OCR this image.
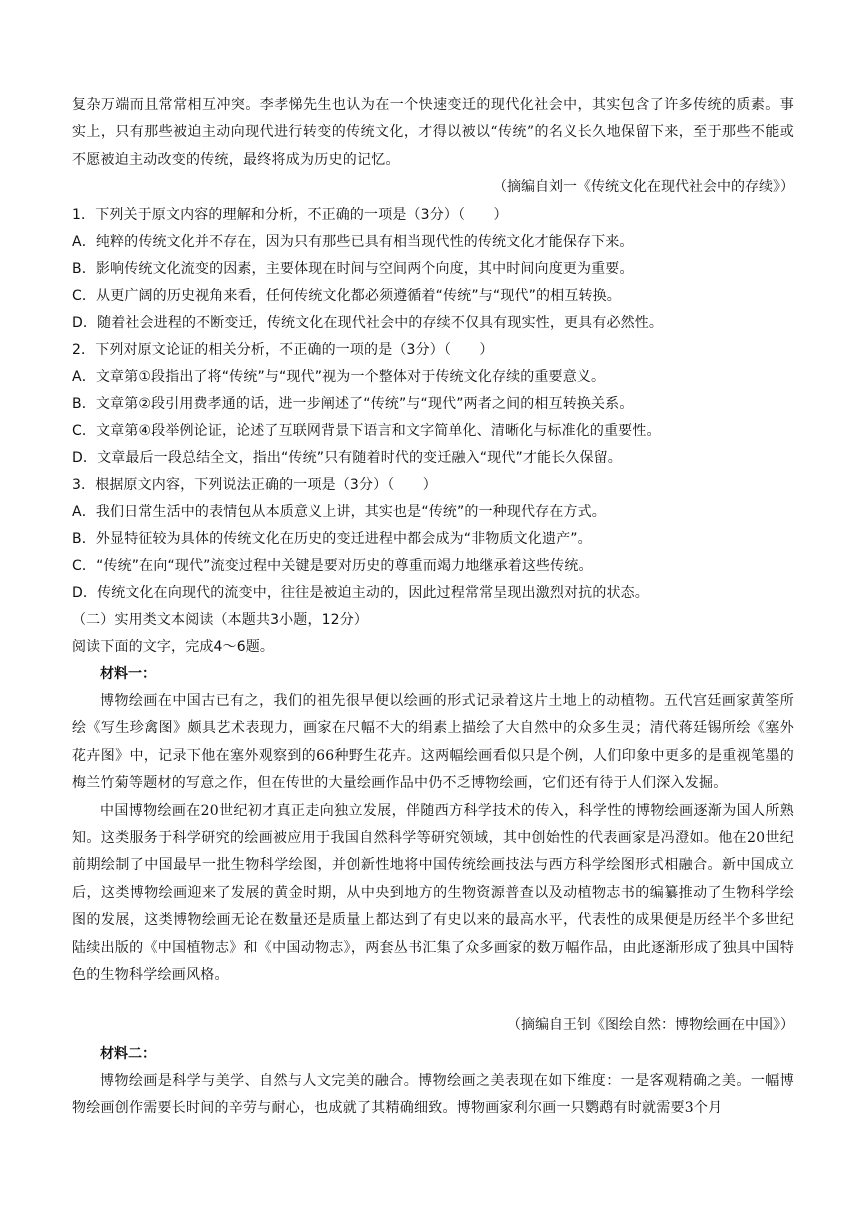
复杂万端而且常常相互冲突。李孝悌先生也认为在一个快速变迁的现代化社会中，其实包含了许多传统的质素。事实上，只有那些被迫主动向现代进行转变的传统文化，才得以被以“传统”的名义长久地保留下来，至于那些不能或不愿被迫主动改变的传统，最终将成为历史的记忆。

（摘编自刘一《传统文化在现代社会中的存续》）

1．下列关于原文内容的理解和分析，不正确的一项是（3分）（　　）

A．纯粹的传统文化并不存在，因为只有那些已具有相当现代性的传统文化才能保存下来。

B．影响传统文化流变的因素，主要体现在时间与空间两个向度，其中时间向度更为重要。

C．从更广阔的历史视角来看，任何传统文化都必须遵循着“传统”与“现代”的相互转换。

D．随着社会进程的不断变迁，传统文化在现代社会中的存续不仅具有现实性，更具有必然性。

2．下列对原文论证的相关分析，不正确的一项的是（3分）（　　）

A．文章第①段指出了将“传统”与“现代”视为一个整体对于传统文化存续的重要意义。

B．文章第②段引用费孝通的话，进一步阐述了“传统”与“现代”两者之间的相互转换关系。

C．文章第④段举例论证，论述了互联网背景下语言和文字简单化、清晰化与标准化的重要性。

D．文章最后一段总结全文，指出“传统”只有随着时代的变迁融入“现代”才能长久保留。

3．根据原文内容，下列说法正确的一项是（3分）（　　）

A．我们日常生活中的表情包从本质意义上讲，其实也是“传统”的一种现代存在方式。

B．外显特征较为具体的传统文化在历史的变迁进程中都会成为“非物质文化遗产”。

C．“传统”在向“现代”流变过程中关键是要对历史的尊重而竭力地继承着这些传统。

D．传统文化在向现代的流变中，往往是被迫主动的，因此过程常常呈现出激烈对抗的状态。

（二）实用类文本阅读（本题共3小题，12分）

阅读下面的文字，完成4～6题。

材料一：

博物绘画在中国古已有之，我们的祖先很早便以绘画的形式记录着这片土地上的动植物。五代宫廷画家黄筌所绘《写生珍禽图》颇具艺术表现力，画家在尺幅不大的绢素上描绘了大自然中的众多生灵；清代蒋廷锡所绘《塞外花卉图》中，记录下他在塞外观察到的66种野生花卉。这两幅绘画看似只是个例，人们印象中更多的是重视笔墨的梅兰竹菊等题材的写意之作，但在传世的大量绘画作品中仍不乏博物绘画，它们还有待于人们深入发掘。

中国博物绘画在20世纪初才真正走向独立发展，伴随西方科学技术的传入，科学性的博物绘画逐渐为国人所熟知。这类服务于科学研究的绘画被应用于我国自然科学等研究领域，其中创始性的代表画家是冯澄如。他在20世纪前期绘制了中国最早一批生物科学绘图，并创新性地将中国传统绘画技法与西方科学绘图形式相融合。新中国成立后，这类博物绘画迎来了发展的黄金时期，从中央到地方的生物资源普查以及动植物志书的编纂推动了生物科学绘图的发展，这类博物绘画无论在数量还是质量上都达到了有史以来的最高水平，代表性的成果便是历经半个多世纪陆续出版的《中国植物志》和《中国动物志》，两套丛书汇集了众多画家的数万幅作品，由此逐渐形成了独具中国特色的生物科学绘画风格。

（摘编自王钊《图绘自然：博物绘画在中国》）

材料二：

博物绘画是科学与美学、自然与人文完美的融合。博物绘画之美表现在如下维度：一是客观精确之美。一幅博物绘画创作需要长时间的辛劳与耐心，也成就了其精确细致。博物画家利尔画一只鹦鹉有时就需要3个月
